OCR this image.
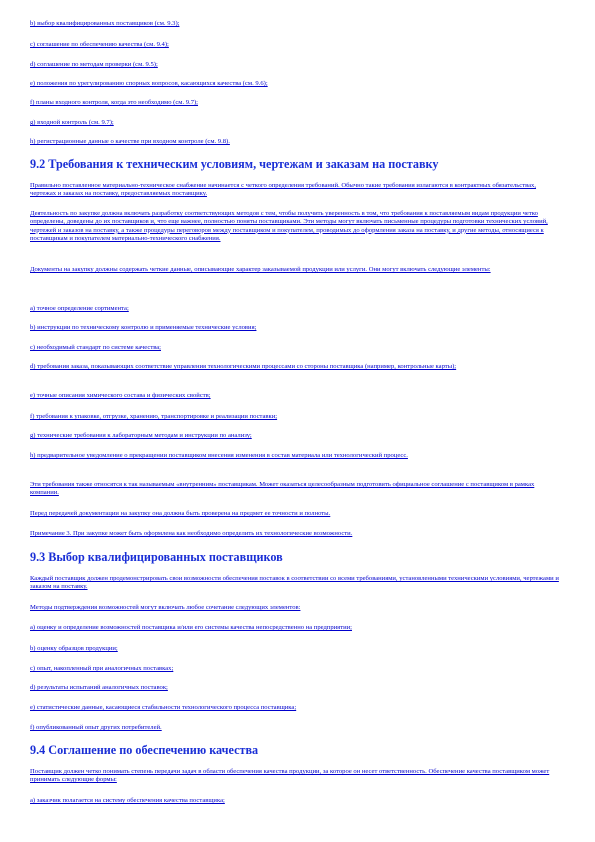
b) выбор квалифицированных поставщиков (см. 9.3);

c) соглашение по обеспечению качества (см. 9.4);

d) соглашение по методам проверки (см. 9.5);

e) положения по урегулированию спорных вопросов, касающихся качества (см. 9.6);

f) планы входного контроля, когда это необходимо (см. 9.7);

g) входной контроль (см. 9.7);

h) регистрационные данные о качестве при входном контроле (см. 9.8).

9.2 Требования к техническим условиям, чертежам и заказам на поставку

Правильно поставленное материально-техническое снабжение начинается с четкого определения требований. Обычно такие требования излагаются в контрактных обязательствах, чертежах и заказах на поставку, предоставляемых поставщику.

Деятельность по закупке должна включать разработку соответствующих методов с тем, чтобы получить уверенность в том, что требования к поставляемым видам продукции четко определены, доведены до их поставщиков и, что еще важнее, полностью поняты поставщиками. Эти методы могут включать письменные процедуры подготовки технических условий, чертежей и заказов на поставку, а также процедуры переговоров между поставщиком и покупателем, проводимых до оформления заказа на поставку, и другие методы, относящиеся к поставщикам и покупателем материально-технического снабжения.

Документы на закупку должны содержать четкие данные, описывающие характер заказываемой продукции или услуги. Они могут включать следующие элементы:

a) точное определение сортимента;

b) инструкции по техническому контролю и применяемые технические условия;

c) необходимый стандарт по системе качества;

d) требования заказа, показывающих соответствие управления технологическими процессами со стороны поставщика (например, контрольные карты);

e) точные описания химического состава и физических свойств;

f) требования к упаковке, отгрузке, хранению, транспортировке и реализации поставки;

g) технические требования к лабораторным методам и инструкции по анализу;

h) предварительное уведомление о прекращении поставщиком внесения изменения в состав материала или технологический процесс.

Эти требования также относятся к так называемым «внутренним» поставщикам. Может оказаться целесообразным подготовить официальное соглашение с поставщиком в рамках компании.

Перед передачей документации на закупку она должна быть проверена на предмет ее точности и полноты.

Примечание 3. При закупке может быть оформлена как необходимо определить их технологические возможности.

9.3 Выбор квалифицированных поставщиков

Каждый поставщик должен продемонстрировать свои возможности обеспечения поставок в соответствии со всеми требованиями, установленными техническими условиями, чертежами и заказом на поставку.

Методы подтверждения возможностей могут включать любое сочетание следующих элементов:

a) оценку и определение возможностей поставщика и/или его системы качества непосредственно на предприятии;

b) оценку образцов продукции;

c) опыт, накопленный при аналогичных поставках;

d) результаты испытаний аналогичных поставок;

e) статистические данные, касающиеся стабильности технологического процесса поставщика;

f) опубликованный опыт других потребителей.

9.4 Соглашение по обеспечению качества

Поставщик должен четко понимать степень передачи задач в области обеспечения качества продукции, за которое он несет ответственность. Обеспечение качества поставщиком может принимать следующие формы:

a) заказчик полагается на систему обеспечения качества поставщика;
